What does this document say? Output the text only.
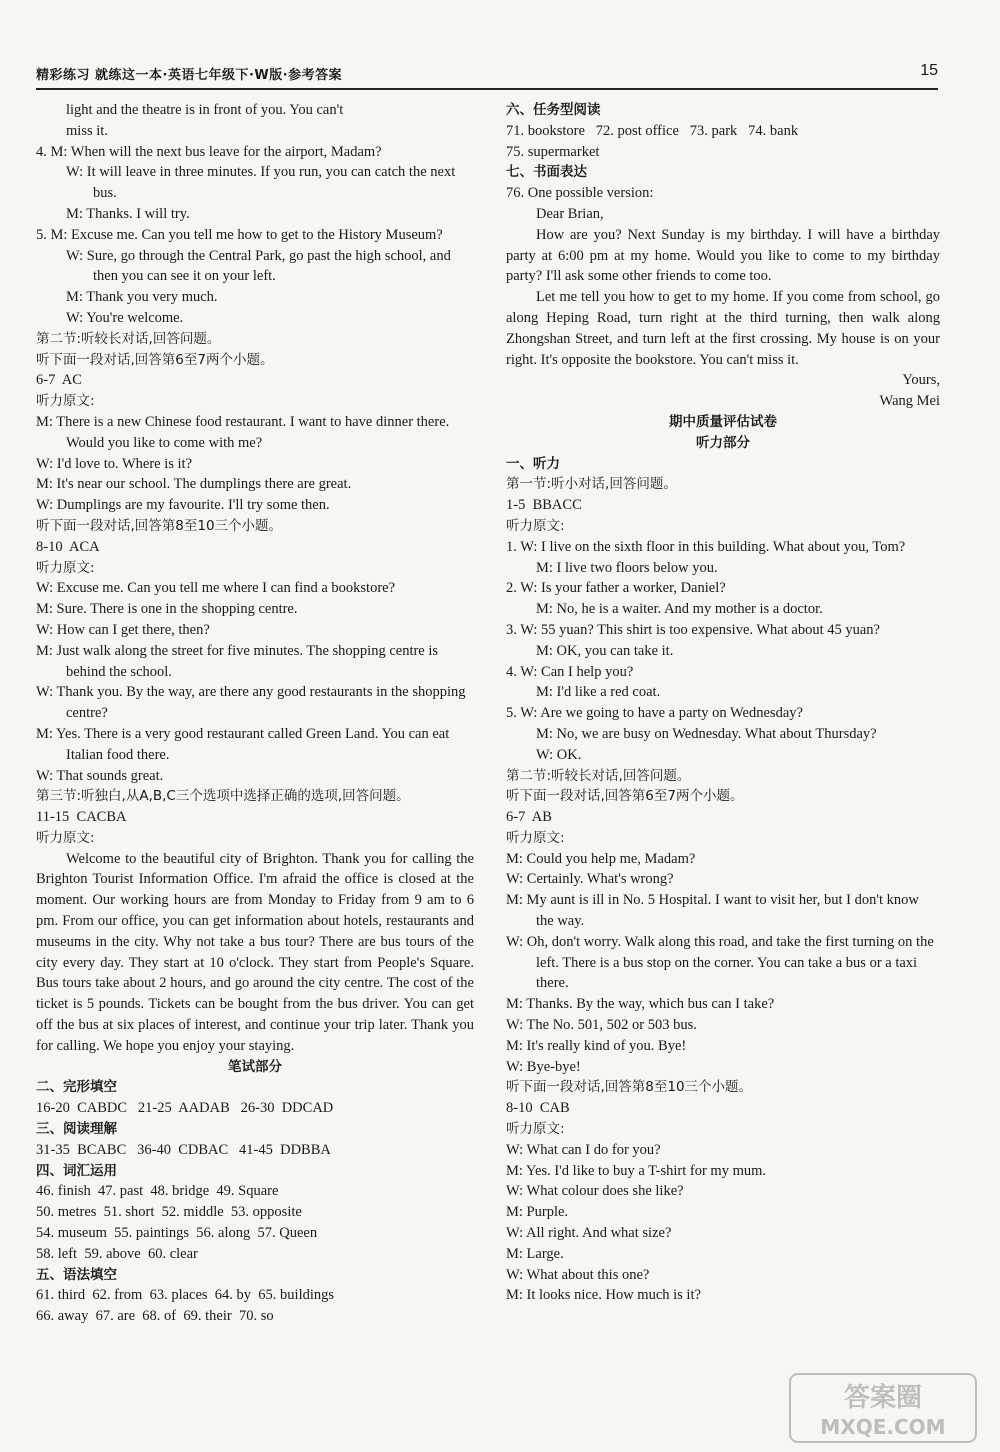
精彩练习 就练这一本·英语七年级下·W版·参考答案	15
light and the theatre is in front of you. You can't
miss it.
4. M: When will the next bus leave for the airport, Madam?
W: It will leave in three minutes. If you run, you can catch the next bus.
M: Thanks. I will try.
5. M: Excuse me. Can you tell me how to get to the History Museum?
W: Sure, go through the Central Park, go past the high school, and then you can see it on your left.
M: Thank you very much.
W: You're welcome.
第二节:听较长对话,回答问题。
听下面一段对话,回答第6至7两个小题。
6-7  AC
听力原文:
M: There is a new Chinese food restaurant. I want to have dinner there. Would you like to come with me?
W: I'd love to. Where is it?
M: It's near our school. The dumplings there are great.
W: Dumplings are my favourite. I'll try some then.
听下面一段对话,回答第8至10三个小题。
8-10  ACA
听力原文:
W: Excuse me. Can you tell me where I can find a bookstore?
M: Sure. There is one in the shopping centre.
W: How can I get there, then?
M: Just walk along the street for five minutes. The shopping centre is behind the school.
W: Thank you. By the way, are there any good restaurants in the shopping centre?
M: Yes. There is a very good restaurant called Green Land. You can eat Italian food there.
W: That sounds great.
第三节:听独白,从A,B,C三个选项中选择正确的选项,回答问题。
11-15  CACBA
听力原文:
Welcome to the beautiful city of Brighton. Thank you for calling the Brighton Tourist Information Office. I'm afraid the office is closed at the moment. Our working hours are from Monday to Friday from 9 am to 6 pm. From our office, you can get information about hotels, restaurants and museums in the city. Why not take a bus tour? There are bus tours of the city every day. They start at 10 o'clock. They start from People's Square. Bus tours take about 2 hours, and go around the city centre. The cost of the ticket is 5 pounds. Tickets can be bought from the bus driver. You can get off the bus at six places of interest, and continue your trip later. Thank you for calling. We hope you enjoy your staying.
笔试部分
二、完形填空
16-20  CABDC   21-25  AADAB   26-30  DDCAD
三、阅读理解
31-35  BCABC   36-40  CDBAC   41-45  DDBBA
四、词汇运用
46. finish  47. past  48. bridge  49. Square
50. metres  51. short  52. middle  53. opposite
54. museum  55. paintings  56. along  57. Queen
58. left  59. above  60. clear
五、语法填空
61. third  62. from  63. places  64. by  65. buildings
66. away  67. are  68. of  69. their  70. so
六、任务型阅读
71. bookstore   72. post office   73. park   74. bank
75. supermarket
七、书面表达
76. One possible version:
Dear Brian,
How are you? Next Sunday is my birthday. I will have a birthday party at 6:00 pm at my home. Would you like to come to my birthday party? I'll ask some other friends to come too.
Let me tell you how to get to my home. If you come from school, go along Heping Road, turn right at the third turning, then walk along Zhongshan Street, and turn left at the first crossing. My house is on your right. It's opposite the bookstore. You can't miss it.
Yours,
Wang Mei
期中质量评估试卷
听力部分
一、听力
第一节:听小对话,回答问题。
1-5  BBACC
听力原文:
1. W: I live on the sixth floor in this building. What about you, Tom?
M: I live two floors below you.
2. W: Is your father a worker, Daniel?
M: No, he is a waiter. And my mother is a doctor.
3. W: 55 yuan? This shirt is too expensive. What about 45 yuan?
M: OK, you can take it.
4. W: Can I help you?
M: I'd like a red coat.
5. W: Are we going to have a party on Wednesday?
M: No, we are busy on Wednesday. What about Thursday?
W: OK.
第二节:听较长对话,回答问题。
听下面一段对话,回答第6至7两个小题。
6-7  AB
听力原文:
M: Could you help me, Madam?
W: Certainly. What's wrong?
M: My aunt is ill in No. 5 Hospital. I want to visit her, but I don't know the way.
W: Oh, don't worry. Walk along this road, and take the first turning on the left. There is a bus stop on the corner. You can take a bus or a taxi there.
M: Thanks. By the way, which bus can I take?
W: The No. 501, 502 or 503 bus.
M: It's really kind of you. Bye!
W: Bye-bye!
听下面一段对话,回答第8至10三个小题。
8-10  CAB
听力原文:
W: What can I do for you?
M: Yes. I'd like to buy a T-shirt for my mum.
W: What colour does she like?
M: Purple.
W: All right. And what size?
M: Large.
W: What about this one?
M: It looks nice. How much is it?
答案圈
MXQE.COM
